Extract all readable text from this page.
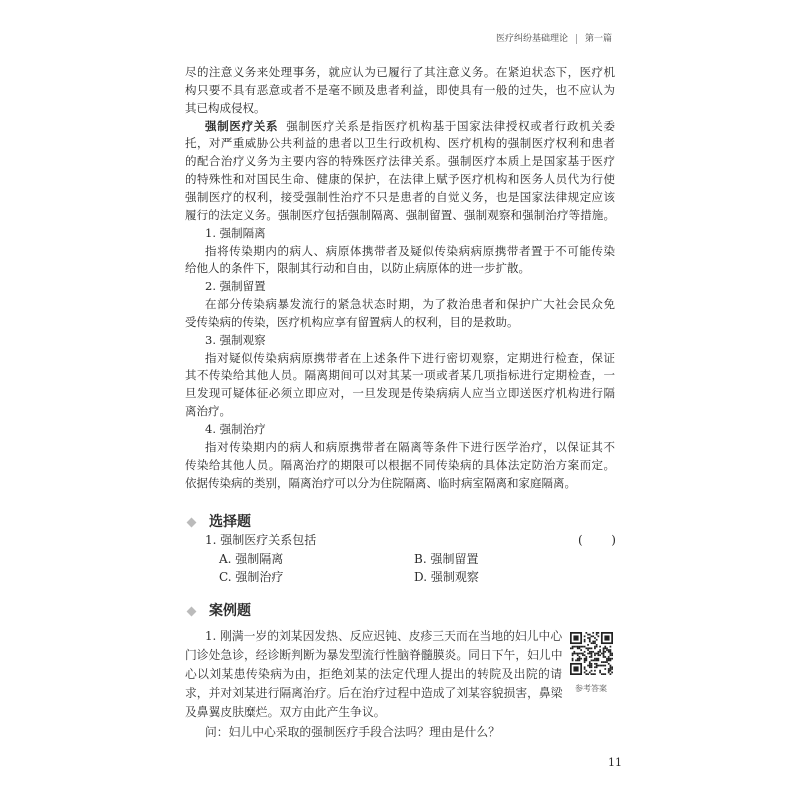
医疗纠纷基础理论 第一篇
尽的注意义务来处理事务，就应认为已履行了其注意义务。在紧迫状态下，医疗机
构只要不具有恶意或者不是毫不顾及患者利益，即使具有一般的过失，也不应认为
其已构成侵权。
强制医疗关系 强制医疗关系是指医疗机构基于国家法律授权或者行政机关委
托，对严重威胁公共利益的患者以卫生行政机构、医疗机构的强制医疗权利和患者
的配合治疗义务为主要内容的特殊医疗法律关系。强制医疗本质上是国家基于医疗
的特殊性和对国民生命、健康的保护，在法律上赋予医疗机构和医务人员代为行使
强制医疗的权利，接受强制性治疗不只是患者的自觉义务，也是国家法律规定应该
履行的法定义务。强制医疗包括强制隔离、强制留置、强制观察和强制治疗等措施。
1. 强制隔离
指将传染期内的病人、病原体携带者及疑似传染病病原携带者置于不可能传染
给他人的条件下，限制其行动和自由，以防止病原体的进一步扩散。
2. 强制留置
在部分传染病暴发流行的紧急状态时期，为了救治患者和保护广大社会民众免
受传染病的传染，医疗机构应享有留置病人的权利，目的是救助。
3. 强制观察
指对疑似传染病病原携带者在上述条件下进行密切观察，定期进行检查，保证
其不传染给其他人员。隔离期间可以对其某一项或者某几项指标进行定期检查，一
旦发现可疑体征必须立即应对，一旦发现是传染病病人应当立即送医疗机构进行隔
离治疗。
4. 强制治疗
指对传染期内的病人和病原携带者在隔离等条件下进行医学治疗，以保证其不
传染给其他人员。隔离治疗的期限可以根据不同传染病的具体法定防治方案而定。
依据传染病的类别，隔离治疗可以分为住院隔离、临时病室隔离和家庭隔离。
选择题
1. 强制医疗关系包括	(　　)
A. 强制隔离	B. 强制留置
C. 强制治疗	D. 强制观察
案例题
1. 刚满一岁的刘某因发热、反应迟钝、皮疹三天而在当地的妇儿中心
门诊处急诊，经诊断判断为暴发型流行性脑脊髓膜炎。同日下午，妇儿中
心以刘某患传染病为由，拒绝刘某的法定代理人提出的转院及出院的请
求，并对刘某进行隔离治疗。后在治疗过程中造成了刘某容貌损害，鼻梁
及鼻翼皮肤糜烂。双方由此产生争议。
问：妇儿中心采取的强制医疗手段合法吗？理由是什么？
参考答案
11
